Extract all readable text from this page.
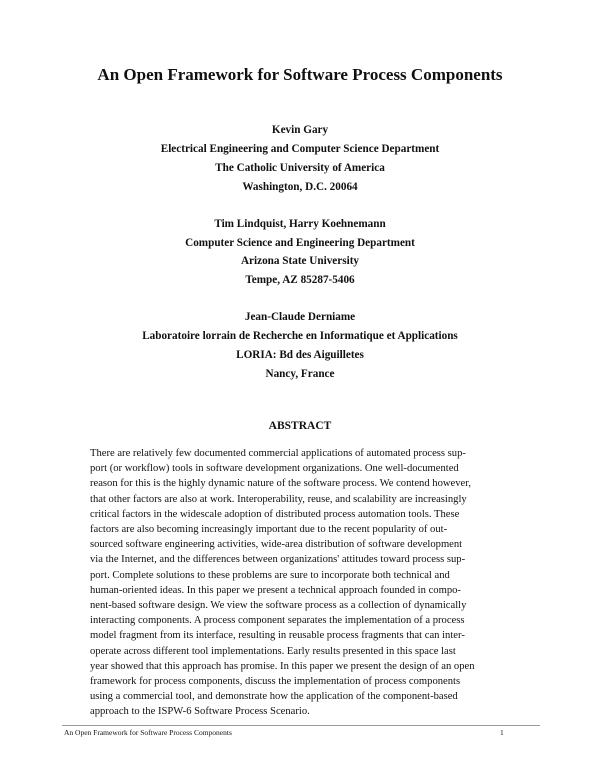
An Open Framework for Software Process Components
Kevin Gary
Electrical Engineering and Computer Science Department
The Catholic University of America
Washington, D.C. 20064
Tim Lindquist, Harry Koehnemann
Computer Science and Engineering Department
Arizona State University
Tempe, AZ 85287-5406
Jean-Claude Derniame
Laboratoire lorrain de Recherche en Informatique et Applications
LORIA: Bd des Aiguilletes
Nancy, France
ABSTRACT
There are relatively few documented commercial applications of automated process sup-
port (or workflow) tools in software development organizations. One well-documented
reason for this is the highly dynamic nature of the software process. We contend however,
that other factors are also at work. Interoperability, reuse, and scalability are increasingly
critical factors in the widescale adoption of distributed process automation tools. These
factors are also becoming increasingly important due to the recent popularity of out-
sourced software engineering activities, wide-area distribution of software development
via the Internet, and the differences between organizations' attitudes toward process sup-
port. Complete solutions to these problems are sure to incorporate both technical and
human-oriented ideas. In this paper we present a technical approach founded in compo-
nent-based software design. We view the software process as a collection of dynamically
interacting components. A process component separates the implementation of a process
model fragment from its interface, resulting in reusable process fragments that can inter-
operate across different tool implementations. Early results presented in this space last
year showed that this approach has promise. In this paper we present the design of an open
framework for process components, discuss the implementation of process components
using a commercial tool, and demonstrate how the application of the component-based
approach to the ISPW-6 Software Process Scenario.
An Open Framework for Software Process Components	1
